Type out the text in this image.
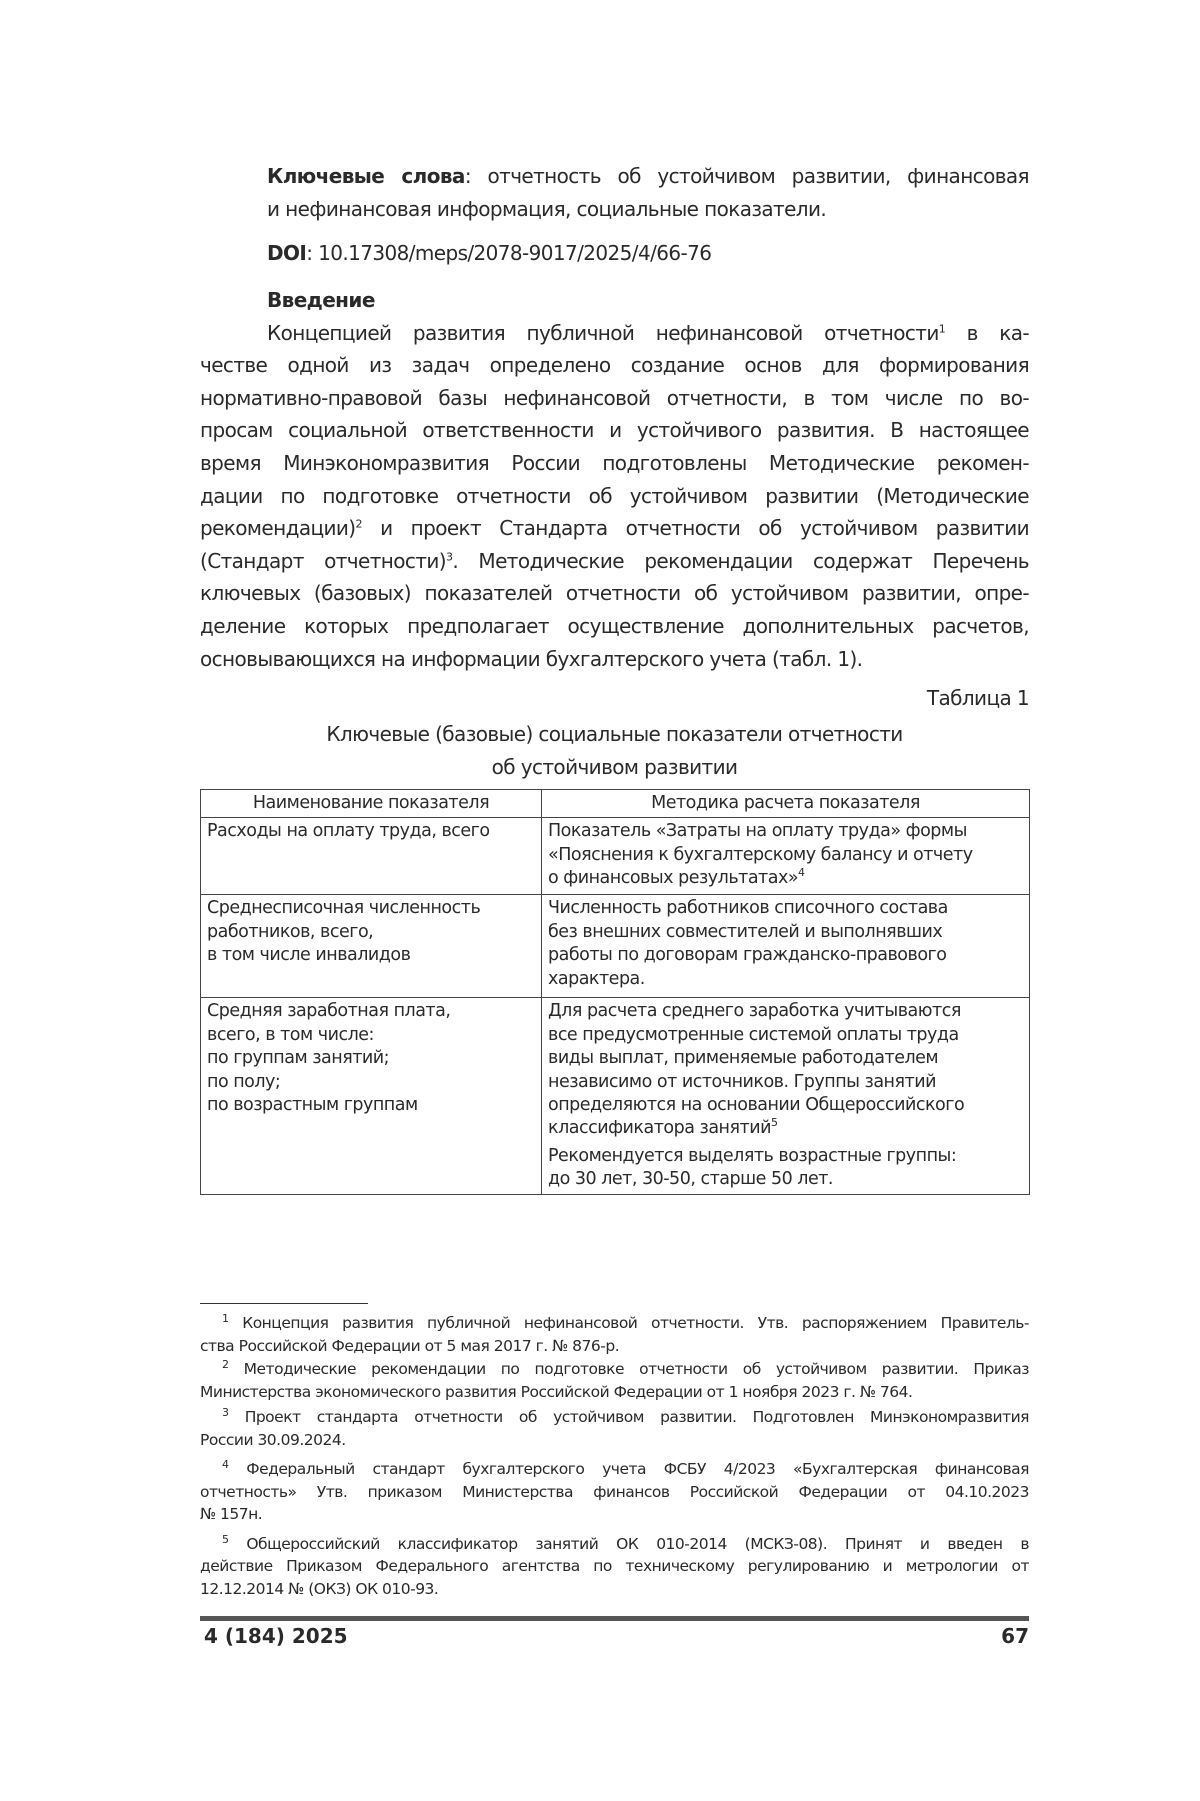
Ключевые слова: отчетность об устойчивом развитии, финансовая
и нефинансовая информация, социальные показатели.
DOI: 10.17308/meps/2078-9017/2025/4/66-76
Введение
Концепцией развития публичной нефинансовой отчетности1 в ка-
честве одной из задач определено создание основ для формирования
нормативно-правовой базы нефинансовой отчетности, в том числе по во-
просам социальной ответственности и устойчивого развития. В настоящее
время Минэкономразвития России подготовлены Методические рекомен-
дации по подготовке отчетности об устойчивом развитии (Методические
рекомендации)2 и проект Стандарта отчетности об устойчивом развитии
(Стандарт отчетности)3. Методические рекомендации содержат Перечень
ключевых (базовых) показателей отчетности об устойчивом развитии, опре-
деление которых предполагает осуществление дополнительных расчетов,
основывающихся на информации бухгалтерского учета (табл. 1).
Таблица 1
Ключевые (базовые) социальные показатели отчетности
об устойчивом развитии
Наименование показателя	Методика расчета показателя

Расходы на оплату труда, всего	Показатель «Затраты на оплату труда» формы
«Пояснения к бухгалтерскому балансу и отчету
о финансовых результатах»4

Среднесписочная численность
работников, всего,
в том числе инвалидов

Численность работников списочного состава
без внешних совместителей и выполнявших
работы по договорам гражданско-правового
характера.

Средняя заработная плата,
всего, в том числе:
по группам занятий;
по полу;
по возрастным группам

Для расчета среднего заработка учитываются
все предусмотренные системой оплаты труда
виды выплат, применяемые работодателем
независимо от источников. Группы занятий
определяются на основании Общероссийского
классификатора занятий5
Рекомендуется выделять возрастные группы:
до 30 лет, 30-50, старше 50 лет.
1 Концепция развития публичной нефинансовой отчетности. Утв. распоряжением Правитель-
ства Российской Федерации от 5 мая 2017 г. № 876-р.
2 Методические рекомендации по подготовке отчетности об устойчивом развитии. Приказ
Министерства экономического развития Российской Федерации от 1 ноября 2023 г. № 764.
3 Проект стандарта отчетности об устойчивом развитии. Подготовлен Минэкономразвития
России 30.09.2024.
4 Федеральный стандарт бухгалтерского учета ФСБУ 4/2023 «Бухгалтерская финансовая
отчетность» Утв. приказом Министерства финансов Российской Федерации от 04.10.2023
№ 157н.
5 Общероссийский классификатор занятий ОК 010-2014 (МСКЗ-08). Принят и введен в
действие Приказом Федерального агентства по техническому регулированию и метрологии от
12.12.2014 № (ОКЗ) ОК 010-93.
4 (184) 2025	67
